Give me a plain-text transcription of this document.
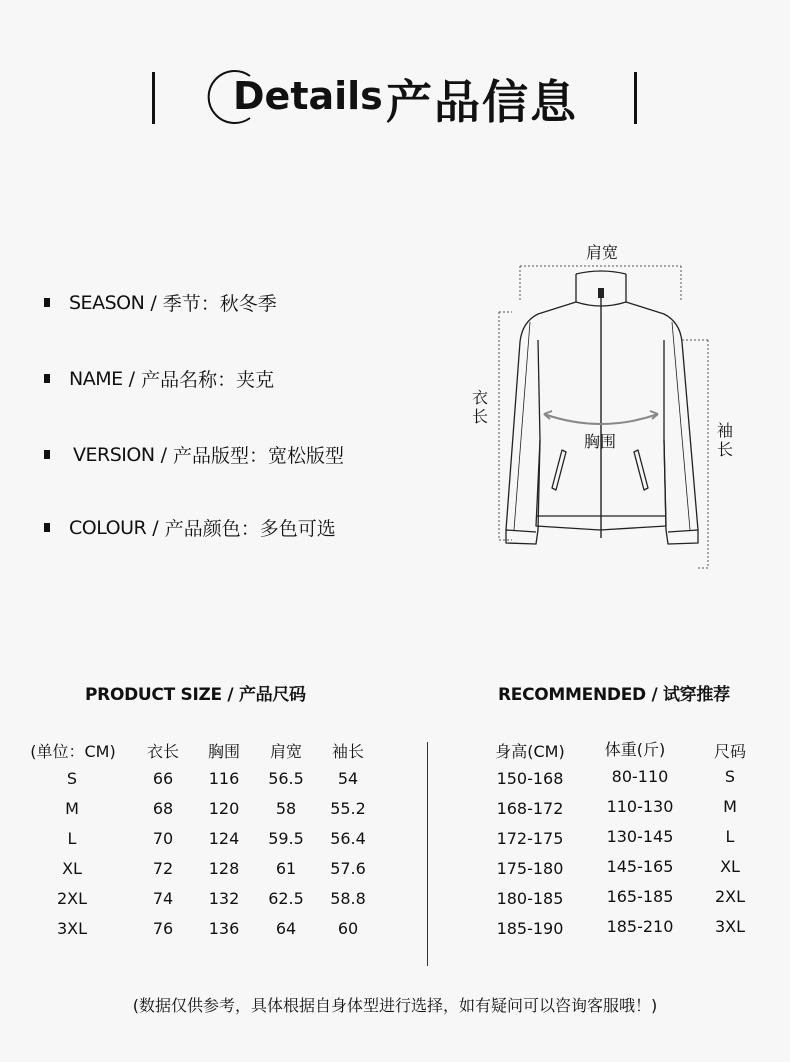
Details 产品信息
SEASON / 季节： 秋冬季
NAME / 产品名称： 夹克
VERSION / 产品版型： 宽松版型
COLOUR / 产品颜色： 多色可选
肩宽
衣长
胸围
袖长
PRODUCT SIZE / 产品尺码	RECOMMENDED / 试穿推荐
(单位：CM)	衣长	胸围	肩宽	袖长
S	66	116	56.5	54
M	68	120	58	55.2
L	70	124	59.5	56.4
XL	72	128	61	57.6
2XL	74	132	62.5	58.8
3XL	76	136	64	60
身高(CM)	体重(斤)	尺码
150-168	80-110	S
168-172	110-130	M
172-175	130-145	L
175-180	145-165	XL
180-185	165-185	2XL
185-190	185-210	3XL
(数据仅供参考，具体根据自身体型进行选择，如有疑问可以咨询客服哦！)
